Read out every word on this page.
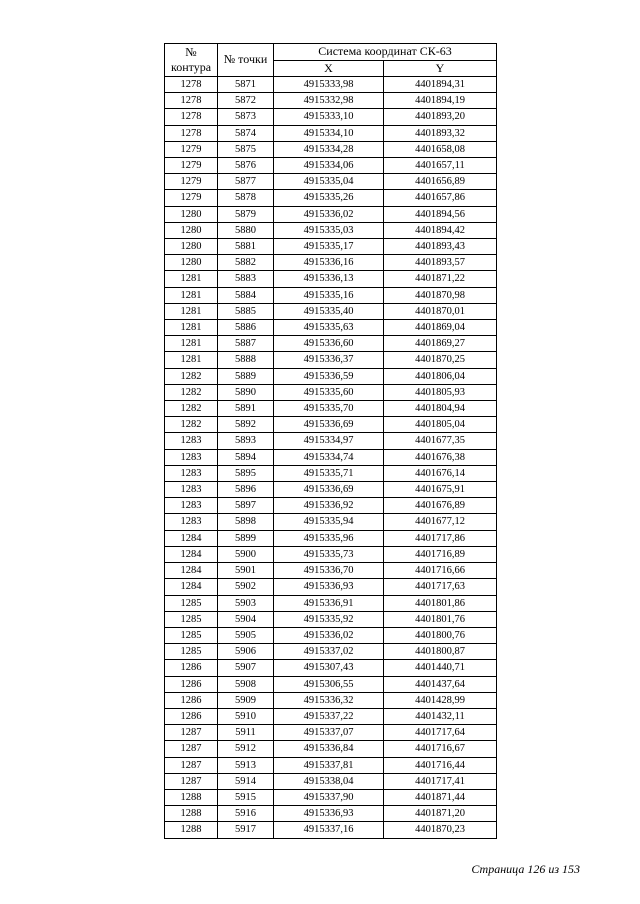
№
контура	№ точки	Система координат СК-63	
		X	Y
1278	5871	4915333,98	4401894,31
1278	5872	4915332,98	4401894,19
1278	5873	4915333,10	4401893,20
1278	5874	4915334,10	4401893,32
1279	5875	4915334,28	4401658,08
1279	5876	4915334,06	4401657,11
1279	5877	4915335,04	4401656,89
1279	5878	4915335,26	4401657,86
1280	5879	4915336,02	4401894,56
1280	5880	4915335,03	4401894,42
1280	5881	4915335,17	4401893,43
1280	5882	4915336,16	4401893,57
1281	5883	4915336,13	4401871,22
1281	5884	4915335,16	4401870,98
1281	5885	4915335,40	4401870,01
1281	5886	4915335,63	4401869,04
1281	5887	4915336,60	4401869,27
1281	5888	4915336,37	4401870,25
1282	5889	4915336,59	4401806,04
1282	5890	4915335,60	4401805,93
1282	5891	4915335,70	4401804,94
1282	5892	4915336,69	4401805,04
1283	5893	4915334,97	4401677,35
1283	5894	4915334,74	4401676,38
1283	5895	4915335,71	4401676,14
1283	5896	4915336,69	4401675,91
1283	5897	4915336,92	4401676,89
1283	5898	4915335,94	4401677,12
1284	5899	4915335,96	4401717,86
1284	5900	4915335,73	4401716,89
1284	5901	4915336,70	4401716,66
1284	5902	4915336,93	4401717,63
1285	5903	4915336,91	4401801,86
1285	5904	4915335,92	4401801,76
1285	5905	4915336,02	4401800,76
1285	5906	4915337,02	4401800,87
1286	5907	4915307,43	4401440,71
1286	5908	4915306,55	4401437,64
1286	5909	4915336,32	4401428,99
1286	5910	4915337,22	4401432,11
1287	5911	4915337,07	4401717,64
1287	5912	4915336,84	4401716,67
1287	5913	4915337,81	4401716,44
1287	5914	4915338,04	4401717,41
1288	5915	4915337,90	4401871,44
1288	5916	4915336,93	4401871,20
1288	5917	4915337,16	4401870,23
Страница 126 из 153
